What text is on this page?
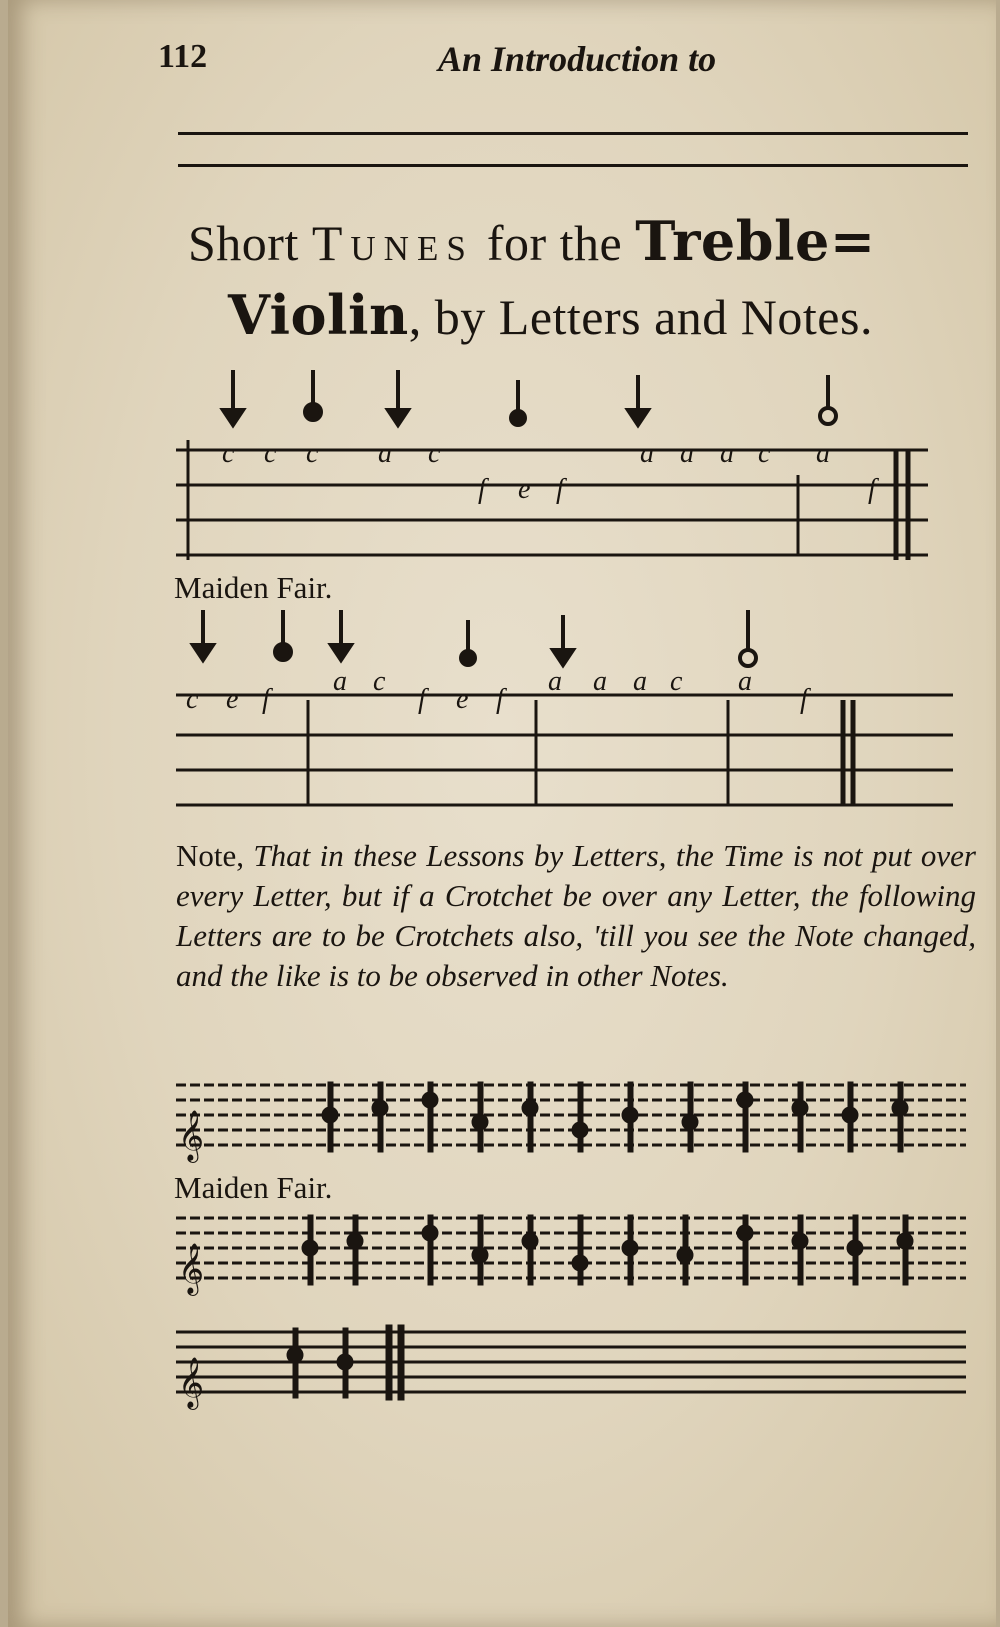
112	An Introduction to
Short Tunes for the Treble=
Violin, by Letters and Notes.
c c c a c
f e f
a a a c a
f
c e f
a c
f e f
a a a c a
f
𝄞
𝄞
𝄞
Maiden Fair.
Note, That in these Lessons by Letters, the Time is not put over every Letter, but if a Crotchet be over any Letter, the following Letters are to be Crotchets also, 'till you see the Note changed, and the like is to be observed in other Notes.
Maiden Fair.
